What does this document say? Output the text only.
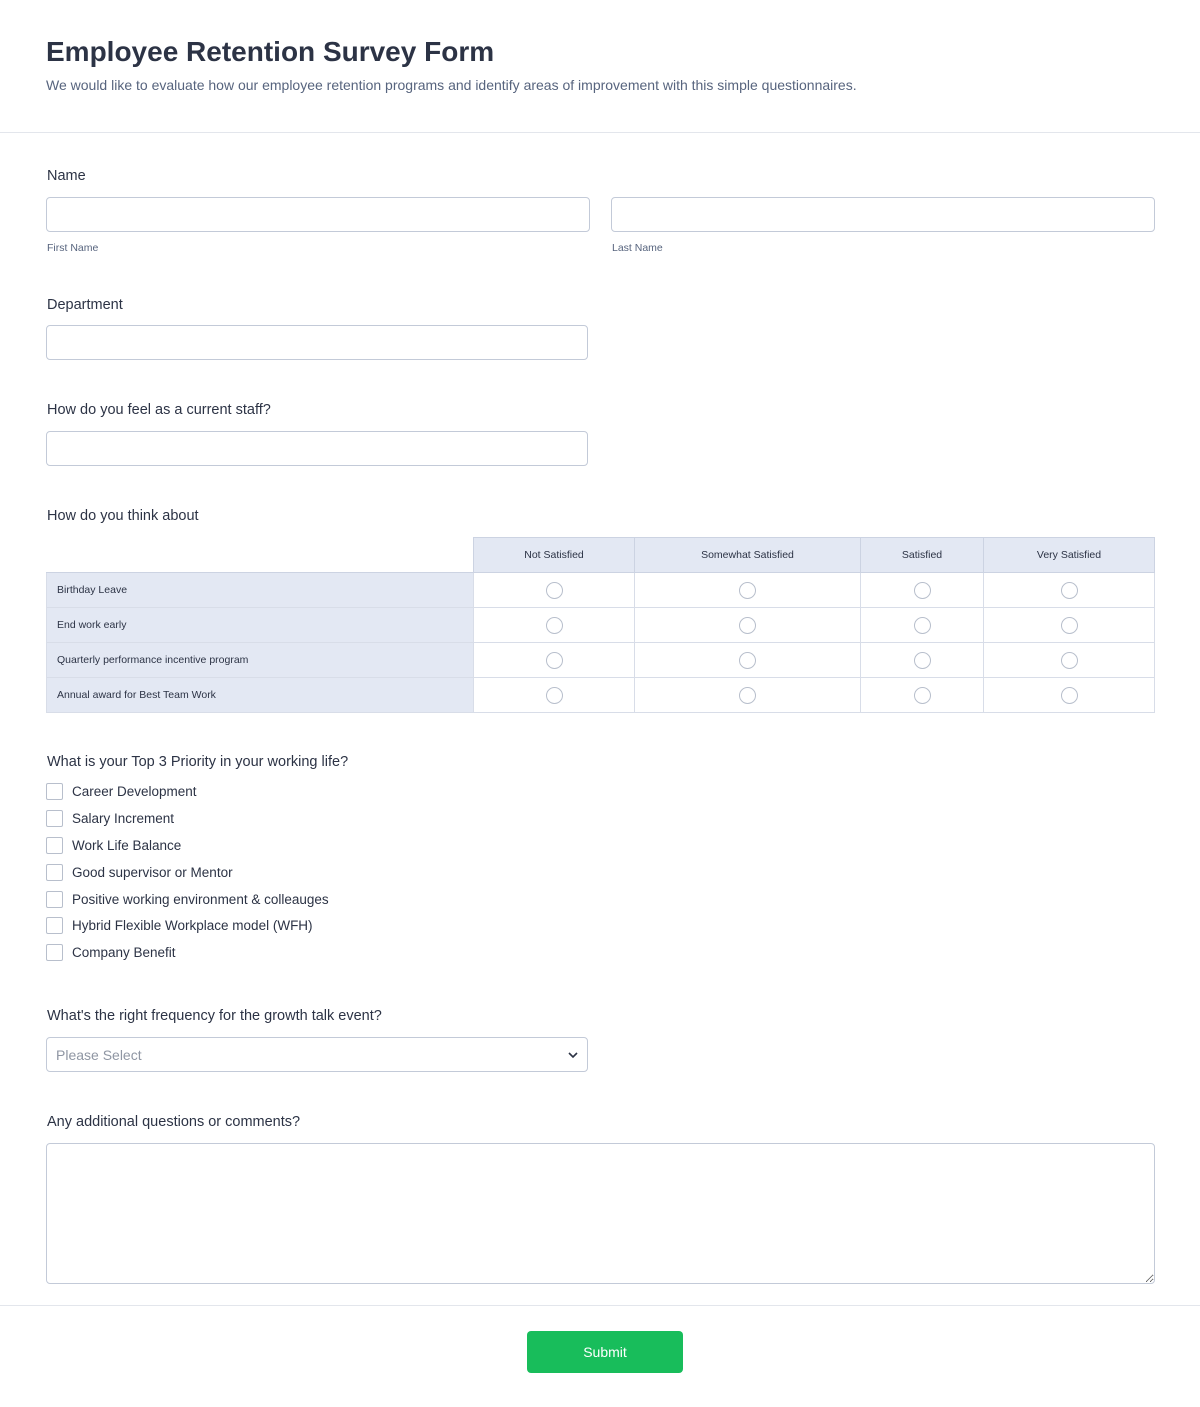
Employee Retention Survey Form
We would like to evaluate how our employee retention programs and identify areas of improvement with this simple questionnaires.
Name
First Name	Last Name
Department
How do you feel as a current staff?
How do you think about
	Not Satisfied	Somewhat Satisfied	Satisfied	Very Satisfied
Birthday Leave				
End work early				
Quarterly performance incentive program				
Annual award for Best Team Work				
What is your Top 3 Priority in your working life?
Career Development
Salary Increment
Work Life Balance
Good supervisor or Mentor
Positive working environment & colleauges
Hybrid Flexible Workplace model (WFH)
Company Benefit
What's the right frequency for the growth talk event?
Please Select
Any additional questions or comments?
Submit
